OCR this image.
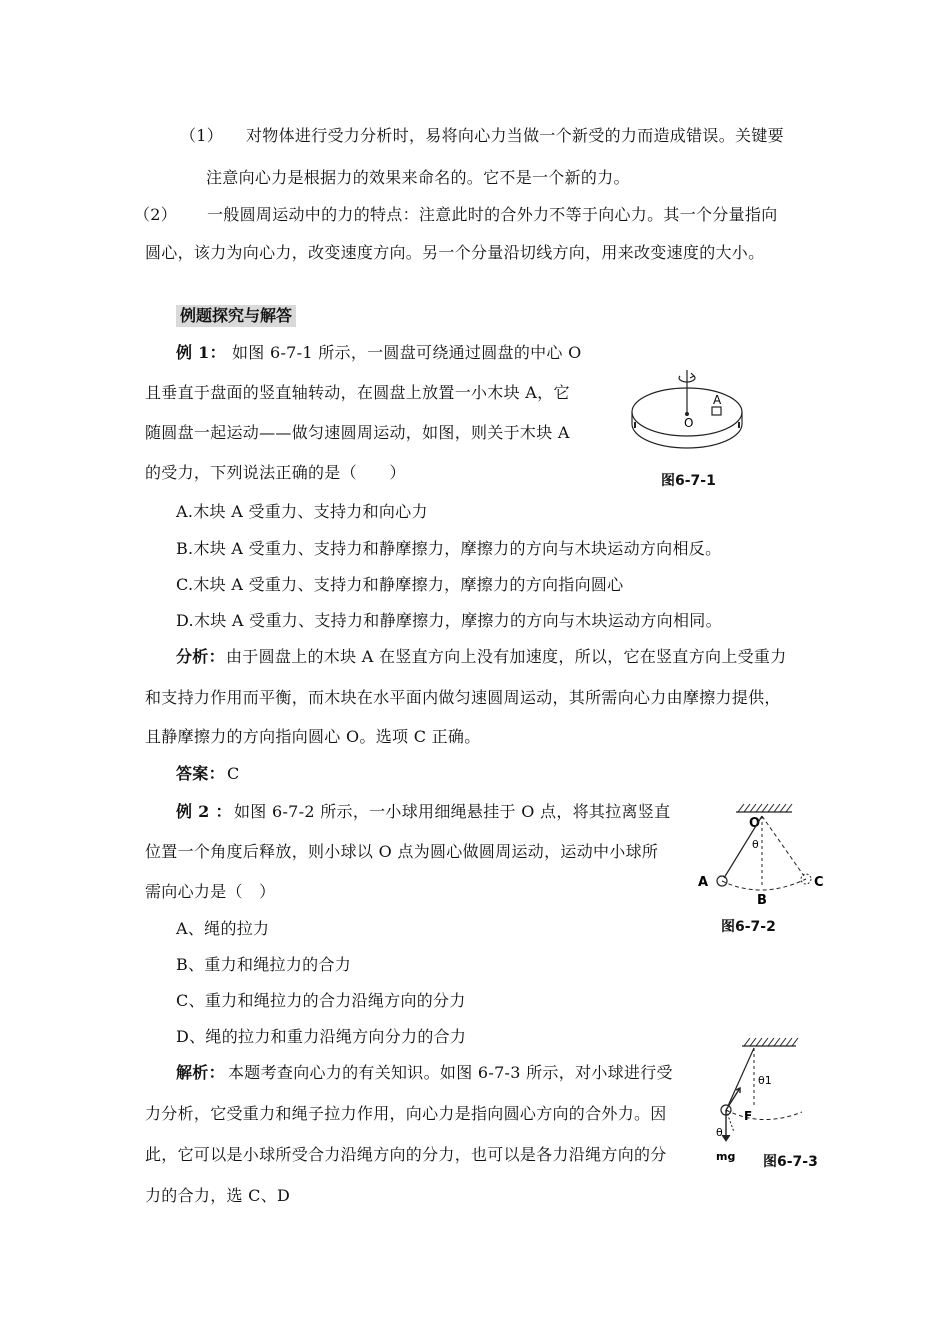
（1） 对物体进行受力分析时，易将向心力当做一个新受的力而造成错误。关键要
注意向心力是根据力的效果来命名的。它不是一个新的力。
（2） 一般圆周运动中的力的特点：注意此时的合外力不等于向心力。其一个分量指向
圆心，该力为向心力，改变速度方向。另一个分量沿切线方向，用来改变速度的大小。
例题探究与解答
例 1： 如图 6-7-1 所示，一圆盘可绕通过圆盘的中心 O
且垂直于盘面的竖直轴转动，在圆盘上放置一小木块 A，它
随圆盘一起运动——做匀速圆周运动，如图，则关于木块 A
的受力，下列说法正确的是（　　）
A.木块 A 受重力、支持力和向心力
B.木块 A 受重力、支持力和静摩擦力，摩擦力的方向与木块运动方向相反。
C.木块 A 受重力、支持力和静摩擦力，摩擦力的方向指向圆心
D.木块 A 受重力、支持力和静摩擦力，摩擦力的方向与木块运动方向相同。
分析： 由于圆盘上的木块 A 在竖直方向上没有加速度，所以，它在竖直方向上受重力
和支持力作用而平衡，而木块在水平面内做匀速圆周运动，其所需向心力由摩擦力提供，
且静摩擦力的方向指向圆心 O。选项 C 正确。
答案： C
A
O
图6-7-1
例 2 ： 如图 6-7-2 所示，一小球用细绳悬挂于 O 点，将其拉离竖直
位置一个角度后释放，则小球以 O 点为圆心做圆周运动，运动中小球所
需向心力是（　）
A、绳的拉力
B、重力和绳拉力的合力
C、重力和绳拉力的合力沿绳方向的分力
D、绳的拉力和重力沿绳方向分力的合力
解析： 本题考查向心力的有关知识。如图 6-7-3 所示，对小球进行受
力分析，它受重力和绳子拉力作用，向心力是指向圆心方向的合外力。因
此，它可以是小球所受合力沿绳方向的分力，也可以是各力沿绳方向的分
力的合力，选 C、D
O
θ
A
B
C
图6-7-2
θ1
F
θ
mg 图6-7-3
